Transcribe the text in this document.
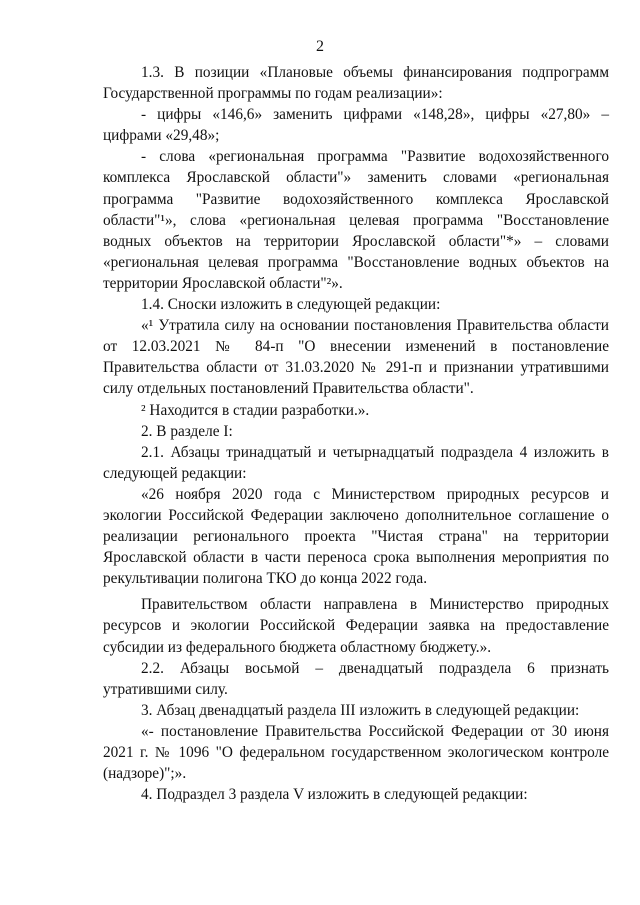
2

1.3. В позиции «Плановые объемы финансирования подпрограмм Государственной программы по годам реализации»:

- цифры «146,6» заменить цифрами «148,28», цифры «27,80» – цифрами «29,48»;

- слова «региональная программа "Развитие водохозяйственного комплекса Ярославской области"» заменить словами «региональная программа "Развитие водохозяйственного комплекса Ярославской области"¹», слова «региональная целевая программа "Восстановление водных объектов на территории Ярославской области"*» – словами «региональная целевая программа "Восстановление водных объектов на территории Ярославской области"²».

1.4. Сноски изложить в следующей редакции:

«¹ Утратила силу на основании постановления Правительства области от 12.03.2021 № 84-п "О внесении изменений в постановление Правительства области от 31.03.2020 № 291-п и признании утратившими силу отдельных постановлений Правительства области".

² Находится в стадии разработки.».

2. В разделе I:

2.1. Абзацы тринадцатый и четырнадцатый подраздела 4 изложить в следующей редакции:

«26 ноября 2020 года с Министерством природных ресурсов и экологии Российской Федерации заключено дополнительное соглашение о реализации регионального проекта "Чистая страна" на территории Ярославской области в части переноса срока выполнения мероприятия по рекультивации полигона ТКО до конца 2022 года.

Правительством области направлена в Министерство природных ресурсов и экологии Российской Федерации заявка на предоставление субсидии из федерального бюджета областному бюджету.».

2.2. Абзацы восьмой – двенадцатый подраздела 6 признать утратившими силу.

3. Абзац двенадцатый раздела III изложить в следующей редакции:

«- постановление Правительства Российской Федерации от 30 июня 2021 г. № 1096 "О федеральном государственном экологическом контроле (надзоре)";».

4. Подраздел 3 раздела V изложить в следующей редакции:
